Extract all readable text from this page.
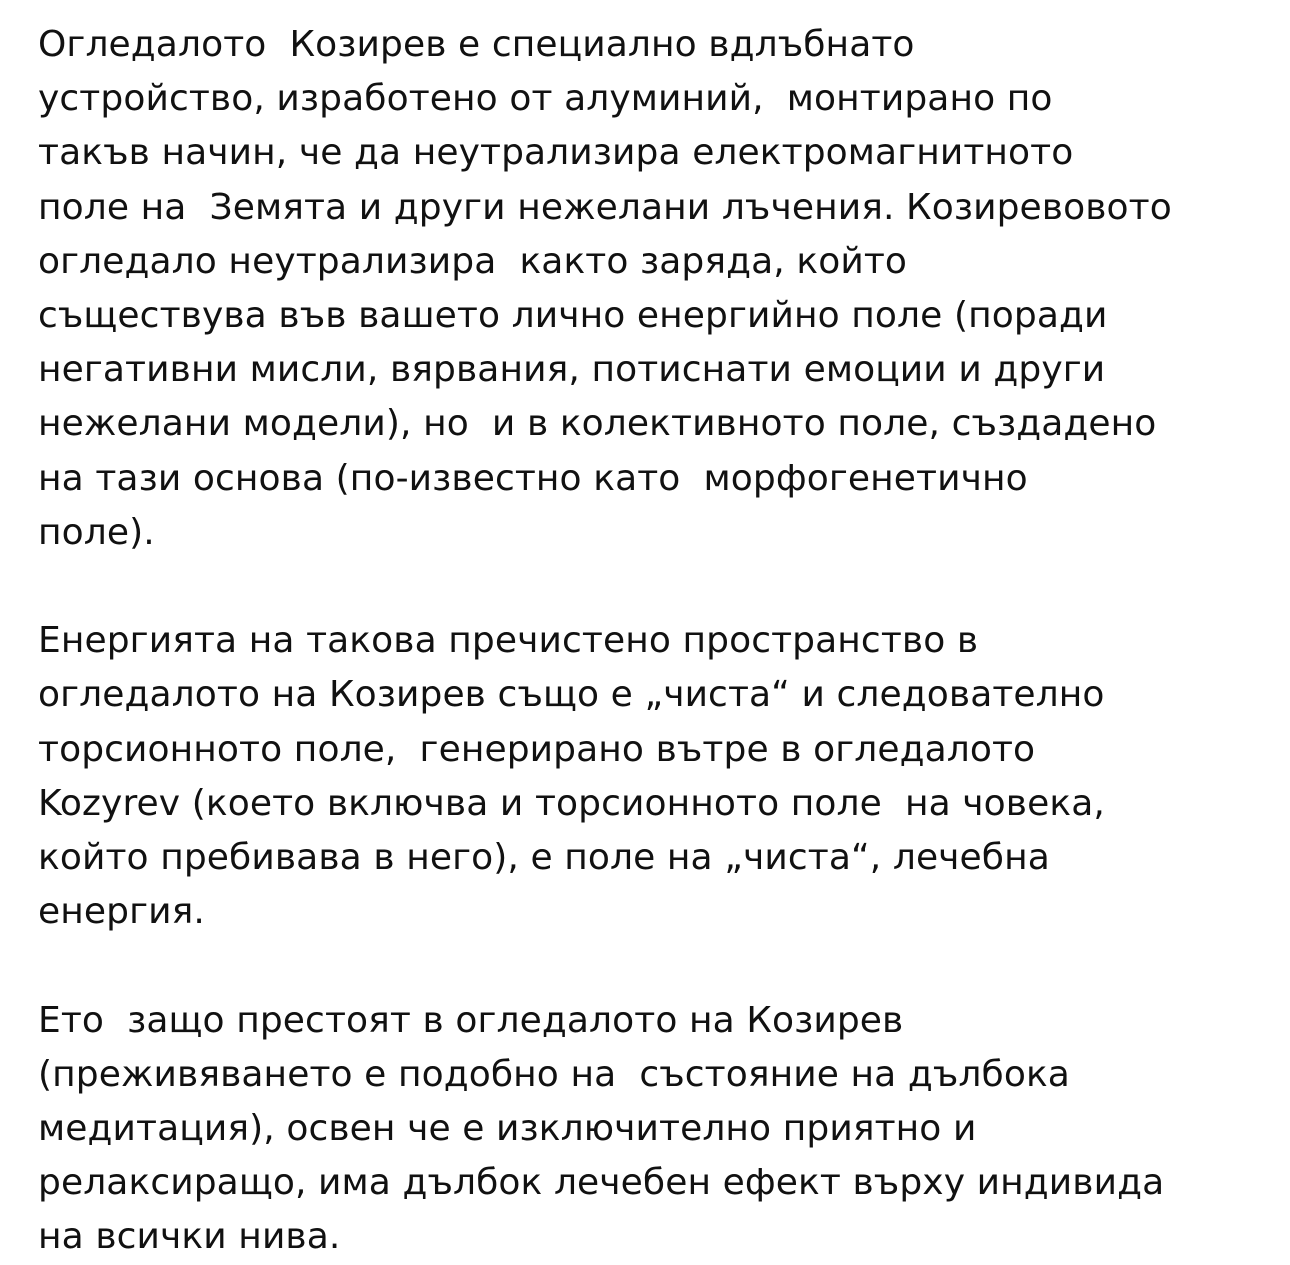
Огледалото  Козирев е специално вдлъбнато
устройство, изработено от алуминий,  монтирано по
такъв начин, че да неутрализира електромагнитното
поле на  Земята и други нежелани лъчения. Козиревовото
огледало неутрализира  както заряда, който
съществува във вашето лично енергийно поле (поради
негативни мисли, вярвания, потиснати емоции и други
нежелани модели), но  и в колективното поле, създадено
на тази основа (по-известно като  морфогенетично
поле).

Енергията на такова пречистено пространство в
огледалото на Козирев също е „чиста“ и следователно
торсионното поле,  генерирано вътре в огледалото
Kozyrev (което включва и торсионното поле  на човека,
който пребивава в него), е поле на „чиста“, лечебна
енергия.

Ето  защо престоят в огледалото на Козирев
(преживяването е подобно на  състояние на дълбока
медитация), освен че е изключително приятно и
релаксиращо, има дълбок лечебен ефект върху индивида
на всички нива.
